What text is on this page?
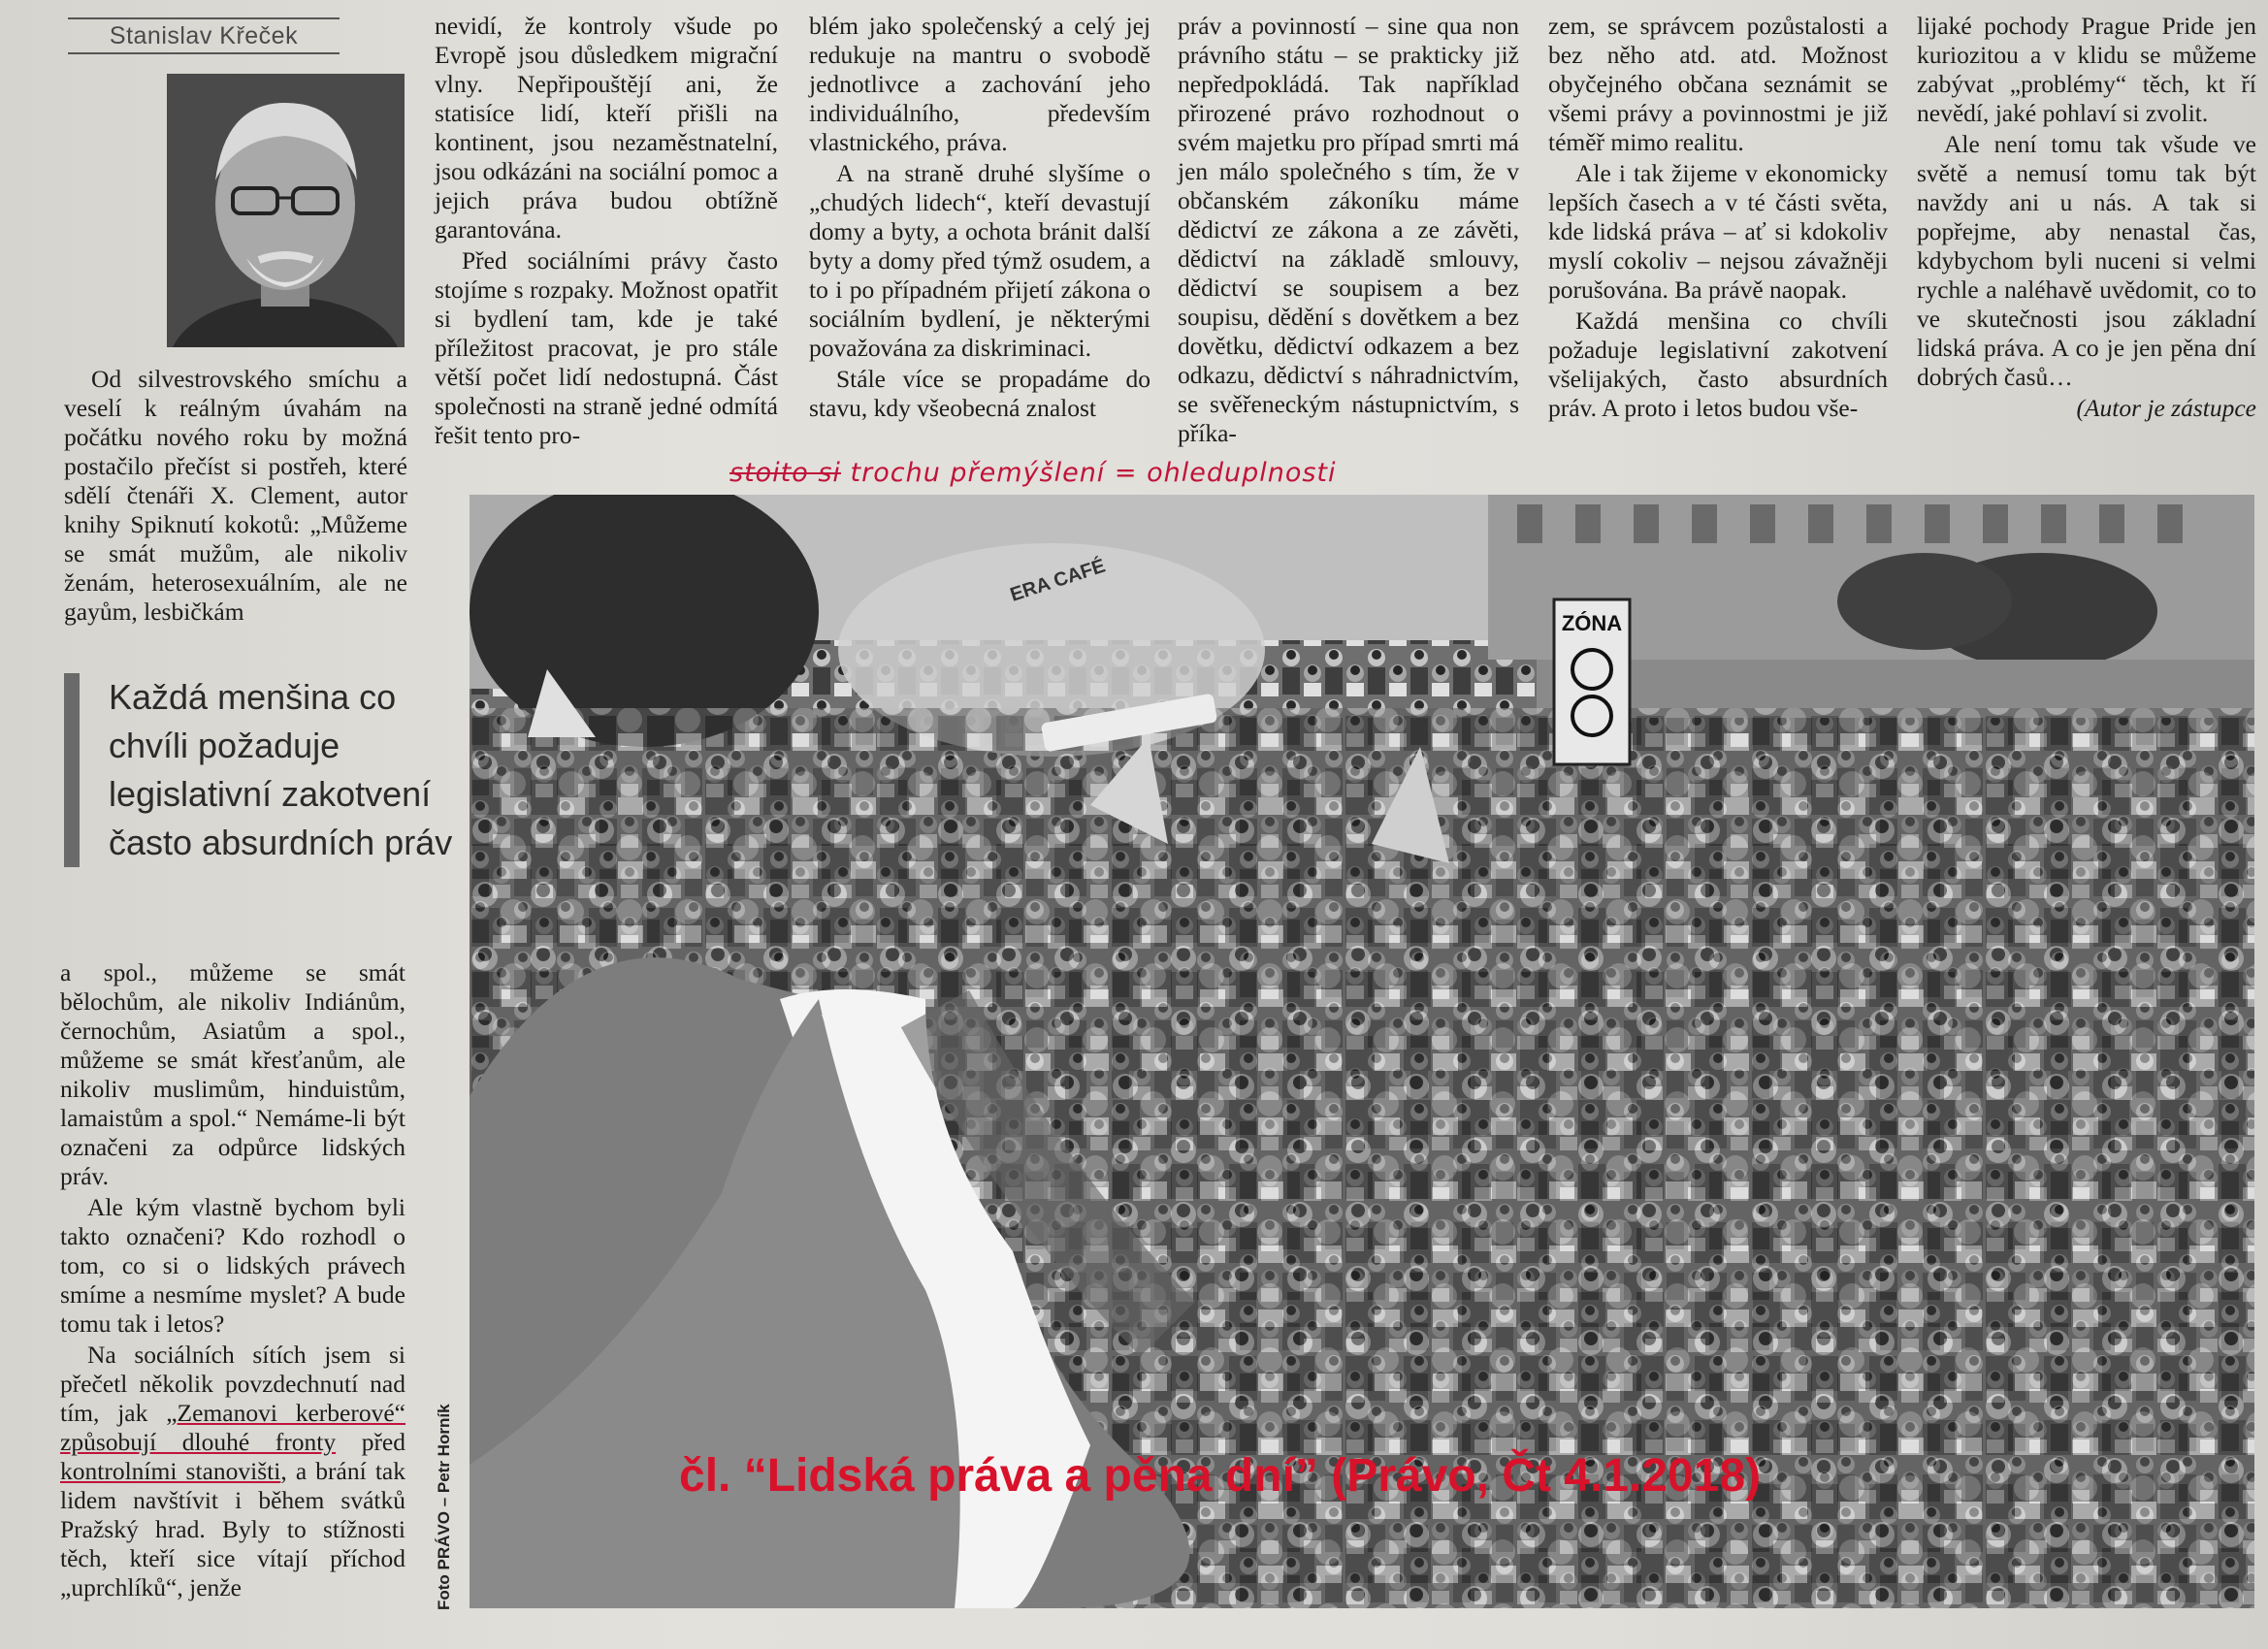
Stanislav Křeček

Od silvestrovského smíchu a veselí k reálným úvahám na počátku nového roku by možná postačilo přečíst si postřeh, které sdělí čtenáři X. Clement, autor knihy Spiknutí kokotů: „Můžeme se smát mužům, ale nikoliv ženám, heterosexuálním, ale ne gayům, lesbičkám

Každá menšina co chvíli požaduje legislativní zakotvení často absurdních práv

a spol., můžeme se smát bělochům, ale nikoliv Indiánům, černochům, Asiatům a spol., můžeme se smát křesťanům, ale nikoliv muslimům, hinduistům, lamaistům a spol.“ Nemáme-li být označeni za odpůrce lidských práv.

Ale kým vlastně bychom byli takto označeni? Kdo rozhodl o tom, co si o lidských právech smíme a nesmíme myslet? A bude tomu tak i letos?

Na sociálních sítích jsem si přečetl několik povzdechnutí nad tím, jak „Zemanovi kerberové“ způsobují dlouhé fronty před kontrolními stanovišti, a brání tak lidem navštívit i během svátků Pražský hrad. Byly to stížnosti těch, kteří sice vítají příchod „uprchlíků“, jenže

nevidí, že kontroly všude po Evropě jsou důsledkem migrační vlny. Nepřipouštějí ani, že statisíce lidí, kteří přišli na kontinent, jsou nezaměstnatelní, jsou odkázáni na sociální pomoc a jejich práva budou obtížně garantována.

Před sociálními právy často stojíme s rozpaky. Možnost opatřit si bydlení tam, kde je také příležitost pracovat, je pro stále větší počet lidí nedostupná. Část společnosti na straně jedné odmítá řešit tento pro-

blém jako společenský a celý jej redukuje na mantru o svobodě jednotlivce a zachování jeho individuálního, především vlastnického, práva.

A na straně druhé slyšíme o „chudých lidech“, kteří devastují domy a byty, a ochota bránit další byty a domy před týmž osudem, a to i po případném přijetí zákona o sociálním bydlení, je některými považována za diskriminaci.

Stále více se propadáme do stavu, kdy všeobecná znalost

práv a povinností – sine qua non právního státu – se prakticky již nepředpokládá. Tak například přirozené právo rozhodnout o svém majetku pro případ smrti má jen málo společného s tím, že v občanském zákoníku máme dědictví ze zákona a ze závěti, dědictví na základě smlouvy, dědictví se soupisem a bez soupisu, dědění s dovětkem a bez dovětku, dědictví odkazem a bez odkazu, dědictví s náhradnictvím, se svěřeneckým nástupnictvím, s příka-

zem, se správcem pozůstalosti a bez něho atd. atd. Možnost obyčejného občana seznámit se všemi právy a povinnostmi je již téměř mimo realitu.

Ale i tak žijeme v ekonomicky lepších časech a v té části světa, kde lidská práva – ať si kdokoliv myslí cokoliv – nejsou závažněji porušována. Ba právě naopak.

Každá menšina co chvíli požaduje legislativní zakotvení všelijakých, často absurdních práv. A proto i letos budou vše-

lijaké pochody Prague Pride jen kuriozitou a v klidu se můžeme zabývat „problémy“ těch, kt ří nevědí, jaké pohlaví si zvolit.

Ale není tomu tak všude ve světě a nemusí tomu tak být navždy ani u nás. A tak si popřejme, aby nenastal čas, kdybychom byli nuceni si velmi rychle a naléhavě uvědomit, co to ve skutečnosti jsou základní lidská práva. A co je jen pěna dní dobrých časů…

(Autor je zástupce

stoito si trochu přemýšlení = ohleduplnosti
ZÓNA
ERA CAFÉ
Foto PRÁVO – Petr Horník	čl. “Lidská práva a pěna dní” (Právo, Čt 4.1.2018)
